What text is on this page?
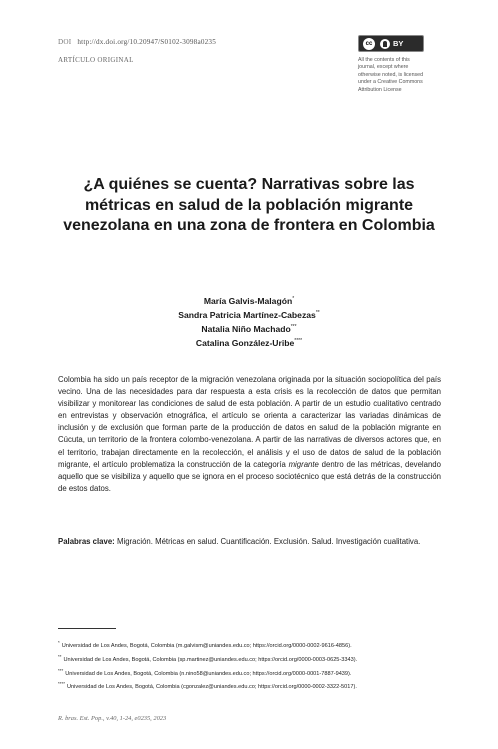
DOI http://dx.doi.org/10.20947/S0102-3098a0235
ARTÍCULO ORIGINAL
cc	BY
All the contents of this
journal, except where
otherwise noted, is licensed
under a Creative Commons
Attribution License
¿A quiénes se cuenta? Narrativas sobre las métricas en salud de la población migrante venezolana en una zona de frontera en Colombia
María Galvis-Malagón*
Sandra Patricia Martínez-Cabezas**
Natalia Niño Machado***
Catalina González-Uribe****

Colombia ha sido un país receptor de la migración venezolana originada por la situación sociopolítica del país vecino. Una de las necesidades para dar respuesta a esta crisis es la recolección de datos que permitan visibilizar y monitorear las condiciones de salud de esta población. A partir de un estudio cualitativo centrado en entrevistas y observación etnográfica, el artículo se orienta a caracterizar las variadas dinámicas de inclusión y de exclusión que forman parte de la producción de datos en salud de la población migrante en Cúcuta, un territorio de la frontera colombo-venezolana. A partir de las narrativas de diversos actores que, en el territorio, trabajan directamente en la recolección, el análisis y el uso de datos de salud de la población migrante, el artículo problematiza la construcción de la categoría migrante dentro de las métricas, develando aquello que se visibiliza y aquello que se ignora en el proceso sociotécnico que está detrás de la construcción de estos datos.

Palabras clave: Migración. Métricas en salud. Cuantificación. Exclusión. Salud. Investigación cualitativa.

*Universidad de Los Andes, Bogotá, Colombia (m.galvism@uniandes.edu.co; https://orcid.org/0000-0002-9616-4856).
**Universidad de Los Andes, Bogotá, Colombia (sp.martinez@uniandes.edu.co; https://orcid.org/0000-0003-0625-3343).
***Universidad de Los Andes, Bogotá, Colombia (n.nino58@uniandes.edu.co; https://orcid.org/0000-0001-7887-9439).
****Universidad de Los Andes, Bogotá, Colombia (cgonzalez@uniandes.edu.co; https://orcid.org/0000-0002-3322-5017).
R. bras. Est. Pop., v.40, 1-24, e0235, 2023
